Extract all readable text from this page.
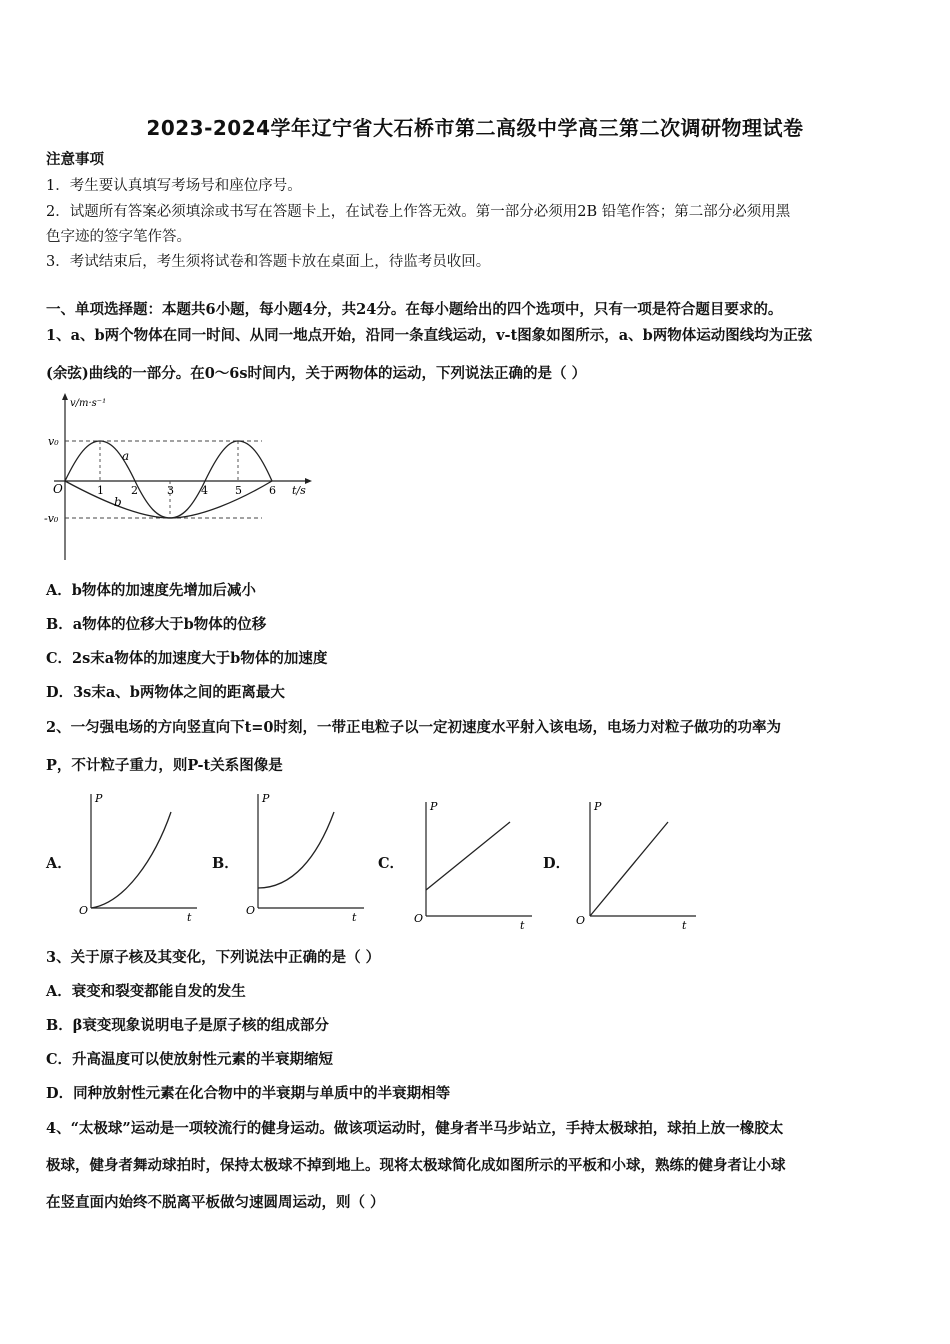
2023-2024学年辽宁省大石桥市第二高级中学高三第二次调研物理试卷
注意事项
1．考生要认真填写考场号和座位序号。
2．试题所有答案必须填涂或书写在答题卡上，在试卷上作答无效。第一部分必须用2B 铅笔作答；第二部分必须用黑
色字迹的签字笔作答。
3．考试结束后，考生须将试卷和答题卡放在桌面上，待监考员收回。
一、单项选择题：本题共6小题，每小题4分，共24分。在每小题给出的四个选项中，只有一项是符合题目要求的。
1、a、b两个物体在同一时间、从同一地点开始，沿同一条直线运动，v-t图象如图所示，a、b两物体运动图线均为正弦
(余弦)曲线的一部分。在0～6s时间内，关于两物体的运动，下列说法正确的是（ ）
v/m·s⁻¹
v₀
-v₀
O
a
b
1 2	3 4 5 6 t/s
A．b物体的加速度先增加后减小
B．a物体的位移大于b物体的位移
C．2s末a物体的加速度大于b物体的加速度
D．3s末a、b两物体之间的距离最大
2、一匀强电场的方向竖直向下t=0时刻，一带正电粒子以一定初速度水平射入该电场，电场力对粒子做功的功率为
P，不计粒子重力，则P-t关系图像是
A．
P
O
t
B．
P
O
t
C．
P
O
t
D．
P
O	t
3、关于原子核及其变化，下列说法中正确的是（ ）
A．衰变和裂变都能自发的发生
B．β衰变现象说明电子是原子核的组成部分
C．升高温度可以使放射性元素的半衰期缩短
D．同种放射性元素在化合物中的半衰期与单质中的半衰期相等
4、“太极球”运动是一项较流行的健身运动。做该项运动时，健身者半马步站立，手持太极球拍，球拍上放一橡胶太
极球，健身者舞动球拍时，保持太极球不掉到地上。现将太极球简化成如图所示的平板和小球，熟练的健身者让小球
在竖直面内始终不脱离平板做匀速圆周运动，则（ ）
